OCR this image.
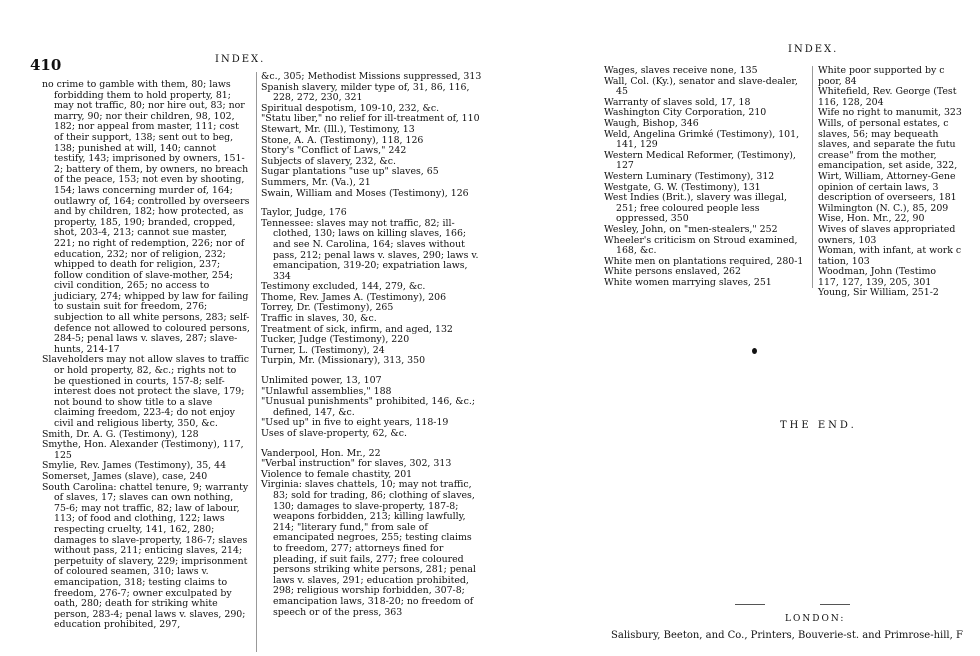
410	INDEX.

no crime to gamble with them, 80; laws forbidding them to hold property, 81; may not traffic, 80; nor hire out, 83; nor marry, 90; nor their children, 98, 102, 182; nor appeal from master, 111; cost of their support, 138; sent out to beg, 138; punished at will, 140; cannot testify, 143; imprisoned by owners, 151-2; battery of them, by owners, no breach of the peace, 153; not even by shooting, 154; laws concerning murder of, 164; outlawry of, 164; controlled by overseers and by children, 182; how protected, as property, 185, 190; branded, cropped, shot, 203-4, 213; cannot sue master, 221; no right of redemption, 226; nor of education, 232; nor of religion, 232; whipped to death for religion, 237; follow condition of slave-mother, 254; civil condition, 265; no access to judiciary, 274; whipped by law for failing to sustain suit for freedom, 276; subjection to all white persons, 283; self-defence not allowed to coloured persons, 284-5; penal laws v. slaves, 287; slave-hunts, 214-17

Slaveholders may not allow slaves to traffic or hold property, 82, &c.; rights not to be questioned in courts, 157-8; self-interest does not protect the slave, 179; not bound to show title to a slave claiming freedom, 223-4; do not enjoy civil and religious liberty, 350, &c.

Smith, Dr. A. G. (Testimony), 128

Smythe, Hon. Alexander (Testimony), 117, 125

Smylie, Rev. James (Testimony), 35, 44

Somerset, James (slave), case, 240

South Carolina: chattel tenure, 9; warranty of slaves, 17; slaves can own nothing, 75-6; may not traffic, 82; law of labour, 113; of food and clothing, 122; laws respecting cruelty, 141, 162, 280; damages to slave-property, 186-7; slaves without pass, 211; enticing slaves, 214; perpetuity of slavery, 229; imprisonment of coloured seamen, 310; laws v. emancipation, 318; testing claims to freedom, 276-7; owner exculpated by oath, 280; death for striking white person, 283-4; penal laws v. slaves, 290; education prohibited, 297,

&c., 305; Methodist Missions suppressed, 313

Spanish slavery, milder type of, 31, 86, 116, 228, 272, 230, 321

Spiritual despotism, 109-10, 232, &c.

"Statu liber," no relief for ill-treatment of, 110

Stewart, Mr. (Ill.), Testimony, 13

Stone, A. A. (Testimony), 118, 126

Story's "Conflict of Laws," 242

Subjects of slavery, 232, &c.

Sugar plantations "use up" slaves, 65

Summers, Mr. (Va.), 21

Swain, William and Moses (Testimony), 126

Taylor, Judge, 176

Tennessee: slaves may not traffic, 82; ill-clothed, 130; laws on killing slaves, 166; and see N. Carolina, 164; slaves without pass, 212; penal laws v. slaves, 290; laws v. emancipation, 319-20; expatriation laws, 334

Testimony excluded, 144, 279, &c.

Thome, Rev. James A. (Testimony), 206

Torrey, Dr. (Testimony), 265

Traffic in slaves, 30, &c.

Treatment of sick, infirm, and aged, 132

Tucker, Judge (Testimony), 220

Turner, L. (Testimony), 24

Turpin, Mr. (Missionary), 313, 350

Unlimited power, 13, 107

"Unlawful assemblies," 188

"Unusual punishments" prohibited, 146, &c.; defined, 147, &c.

"Used up" in five to eight years, 118-19

Uses of slave-property, 62, &c.

Vanderpool, Hon. Mr., 22

"Verbal instruction" for slaves, 302, 313

Violence to female chastity, 201

Virginia: slaves chattels, 10; may not traffic, 83; sold for trading, 86; clothing of slaves, 130; damages to slave-property, 187-8; weapons forbidden, 213; killing lawfully, 214; "literary fund," from sale of emancipated negroes, 255; testing claims to freedom, 277; attorneys fined for pleading, if suit fails, 277; free coloured persons striking white persons, 281; penal laws v. slaves, 291; education prohibited, 298; religious worship forbidden, 307-8; emancipation laws, 318-20; no freedom of speech or of the press, 363

INDEX.

Wages, slaves receive none, 135

Wall, Col. (Ky.), senator and slave-dealer, 45

Warranty of slaves sold, 17, 18

Washington City Corporation, 210

Waugh, Bishop, 346

Weld, Angelina Grimké (Testimony), 101, 141, 129

Western Medical Reformer, (Testimony), 127

Western Luminary (Testimony), 312

Westgate, G. W. (Testimony), 131

West Indies (Brit.), slavery was illegal, 251; free coloured people less oppressed, 350

Wesley, John, on "men-stealers," 252

Wheeler's criticism on Stroud examined, 168, &c.

White men on plantations required, 280-1

White persons enslaved, 262

White women marrying slaves, 251

White poor supported by c

poor, 84

Whitefield, Rev. George (Test

116, 128, 204

Wife no right to manumit, 323

Wills, of personal estates, c

slaves, 56; may bequeath

slaves, and separate the futu

crease" from the mother,

emancipation, set aside, 322,

Wirt, William, Attorney-Gene

opinion of certain laws, 3

description of overseers, 181

Wilmington (N. C.), 85, 209

Wise, Hon. Mr., 22, 90

Wives of slaves appropriated

owners, 103

Woman, with infant, at work c

tation, 103

Woodman, John (Testimo

117, 127, 139, 205, 301

Young, Sir William, 251-2

THE END.
LONDON:
Salisbury, Beeton, and Co., Printers, Bouverie-st. and Primrose-hill, F
